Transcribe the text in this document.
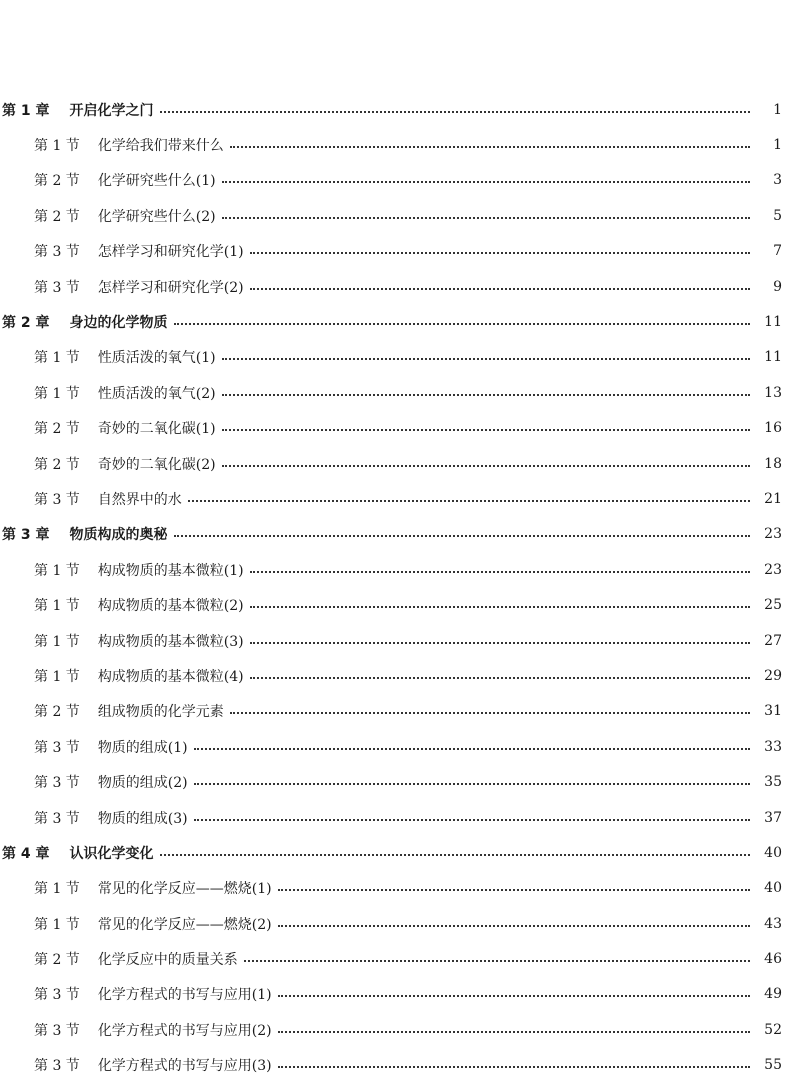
第 1 章 开启化学之门	1
第 1 节 化学给我们带来什么	1
第 2 节 化学研究些什么(1)	3
第 2 节 化学研究些什么(2)	5
第 3 节 怎样学习和研究化学(1)	7
第 3 节 怎样学习和研究化学(2)	9
第 2 章 身边的化学物质	11
第 1 节 性质活泼的氧气(1)	11
第 1 节 性质活泼的氧气(2)	13
第 2 节 奇妙的二氧化碳(1)	16
第 2 节 奇妙的二氧化碳(2)	18
第 3 节 自然界中的水	21
第 3 章 物质构成的奥秘	23
第 1 节 构成物质的基本微粒(1)	23
第 1 节 构成物质的基本微粒(2)	25
第 1 节 构成物质的基本微粒(3)	27
第 1 节 构成物质的基本微粒(4)	29
第 2 节 组成物质的化学元素	31
第 3 节 物质的组成(1)	33
第 3 节 物质的组成(2)	35
第 3 节 物质的组成(3)	37
第 4 章 认识化学变化	40
第 1 节 常见的化学反应——燃烧(1)	40
第 1 节 常见的化学反应——燃烧(2)	43
第 2 节 化学反应中的质量关系	46
第 3 节 化学方程式的书写与应用(1)	49
第 3 节 化学方程式的书写与应用(2)	52
第 3 节 化学方程式的书写与应用(3)	55
